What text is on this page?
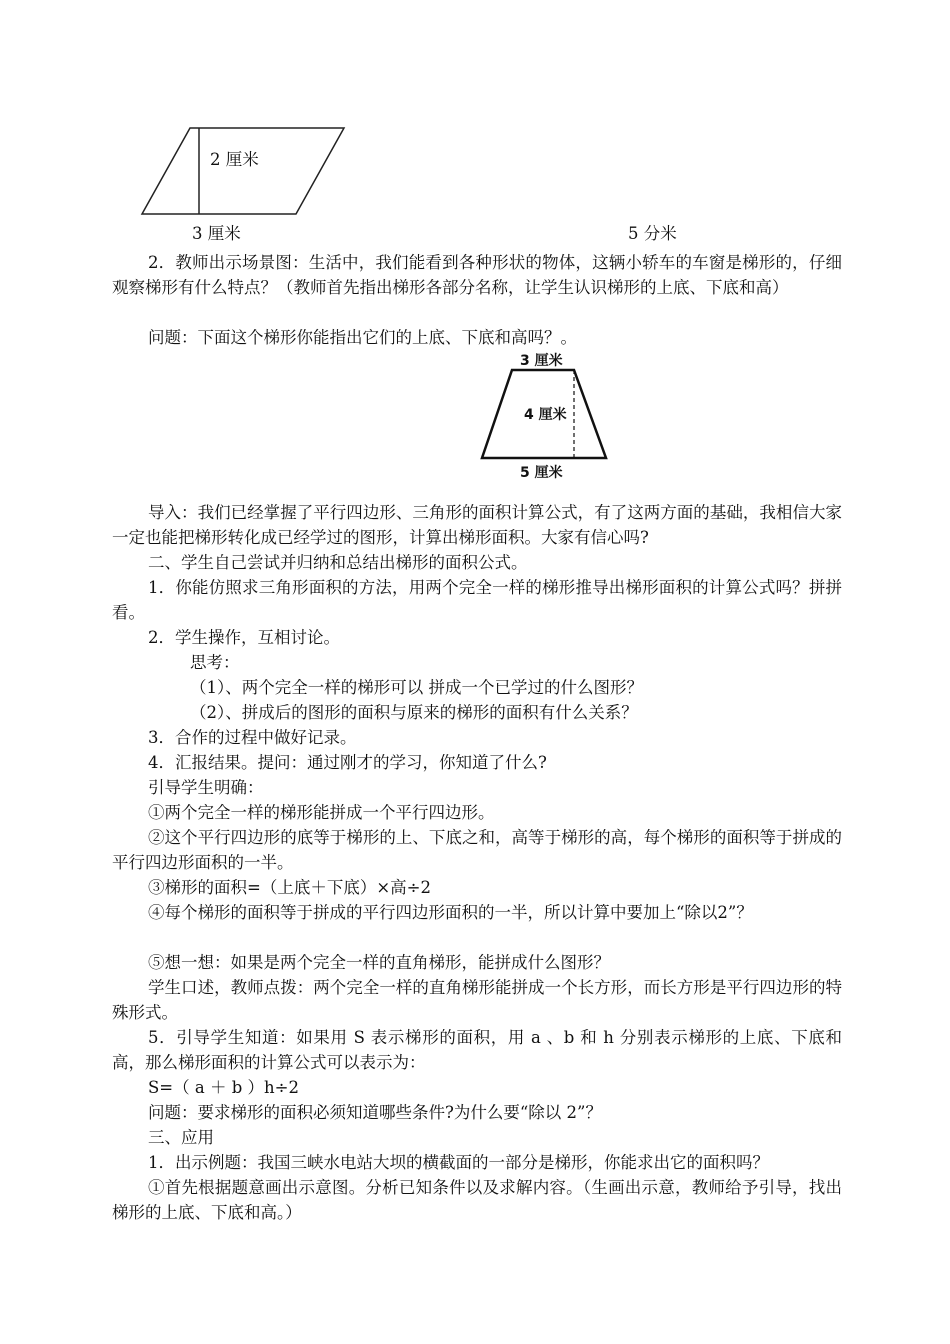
2 厘米
3 厘米	5 分米

2．教师出示场景图：生活中，我们能看到各种形状的物体，这辆小轿车的车窗是梯形的，仔细观察梯形有什么特点？（教师首先指出梯形各部分名称，让学生认识梯形的上底、下底和高）

问题：下面这个梯形你能指出它们的上底、下底和高吗？。

3 厘米
4 厘米
5 厘米

导入：我们已经掌握了平行四边形、三角形的面积计算公式，有了这两方面的基础，我相信大家一定也能把梯形转化成已经学过的图形，计算出梯形面积。大家有信心吗?

二、学生自己尝试并归纳和总结出梯形的面积公式。

1．你能仿照求三角形面积的方法，用两个完全一样的梯形推导出梯形面积的计算公式吗？拼拼看。

2．学生操作，互相讨论。

思考：

（1）、两个完全一样的梯形可以 拼成一个已学过的什么图形？

（2）、拼成后的图形的面积与原来的梯形的面积有什么关系？

3．合作的过程中做好记录。

4．汇报结果。提问：通过刚才的学习，你知道了什么?

引导学生明确：

①两个完全一样的梯形能拼成一个平行四边形。

②这个平行四边形的底等于梯形的上、下底之和，高等于梯形的高，每个梯形的面积等于拼成的平行四边形面积的一半。

③梯形的面积=（上底＋下底）×高÷2

④每个梯形的面积等于拼成的平行四边形面积的一半，所以计算中要加上“除以2”？

⑤想一想：如果是两个完全一样的直角梯形，能拼成什么图形？

学生口述，教师点拨：两个完全一样的直角梯形能拼成一个长方形，而长方形是平行四边形的特殊形式。

5．引导学生知道：如果用 S 表示梯形的面积，用 a 、b 和 h 分别表示梯形的上底、下底和高，那么梯形面积的计算公式可以表示为：

S=（ a ＋ b ）h÷2

问题：要求梯形的面积必须知道哪些条件?为什么要“除以 2”？

三、应用

1．出示例题：我国三峡水电站大坝的横截面的一部分是梯形，你能求出它的面积吗？

①首先根据题意画出示意图。分析已知条件以及求解内容。（生画出示意，教师给予引导，找出梯形的上底、下底和高。）
